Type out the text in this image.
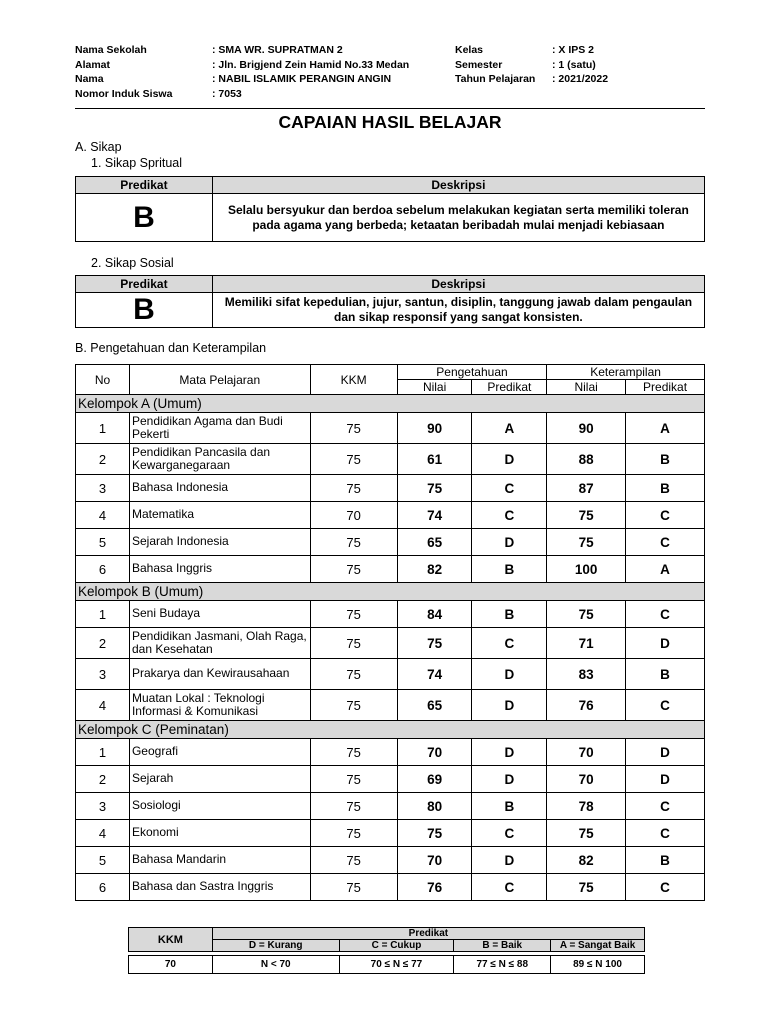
Nama Sekolah	: SMA WR. SUPRATMAN 2	Kelas	: X IPS 2
Alamat	: Jln. Brigjend Zein Hamid No.33 Medan	Semester	: 1 (satu)
Nama	: NABIL ISLAMIK PERANGIN ANGIN	Tahun Pelajaran	: 2021/2022
Nomor Induk Siswa	: 7053
CAPAIAN HASIL BELAJAR
A. Sikap
1. Sikap Spritual
Predikat	Deskripsi
B	Selalu bersyukur dan berdoa sebelum melakukan kegiatan serta memiliki toleran pada agama yang berbeda; ketaatan beribadah mulai menjadi kebiasaan
2. Sikap Sosial
Predikat	Deskripsi
B	Memiliki sifat kepedulian, jujur, santun, disiplin, tanggung jawab dalam pengaulan dan sikap responsif yang sangat konsisten.
B. Pengetahuan dan Keterampilan
No	Mata Pelajaran	KKM	Pengetahuan		Keterampilan	
			Nilai	Predikat	Nilai	Predikat
Kelompok A (Umum)						
1	Pendidikan Agama dan Budi Pekerti	75	90	A	90	A
2	Pendidikan Pancasila dan Kewarganegaraan	75	61	D	88	B
3	Bahasa Indonesia	75	75	C	87	B
4	Matematika	70	74	C	75	C
5	Sejarah Indonesia	75	65	D	75	C
6	Bahasa Inggris	75	82	B	100	A
Kelompok B (Umum)						
1	Seni Budaya	75	84	B	75	C
2	Pendidikan Jasmani, Olah Raga, dan Kesehatan	75	75	C	71	D
3	Prakarya dan Kewirausahaan	75	74	D	83	B
4	Muatan Lokal : Teknologi Informasi & Komunikasi	75	65	D	76	C
Kelompok C (Peminatan)						
1	Geografi	75	70	D	70	D
2	Sejarah	75	69	D	70	D
3	Sosiologi	75	80	B	78	C
4	Ekonomi	75	75	C	75	C
5	Bahasa Mandarin	75	70	D	82	B
6	Bahasa dan Sastra Inggris	75	76	C	75	C
KKM	Predikat			
	D = Kurang	C = Cukup	B = Baik	A = Sangat Baik

70	N < 70	70 ≤ N ≤ 77	77 ≤ N ≤ 88	89 ≤ N 100
